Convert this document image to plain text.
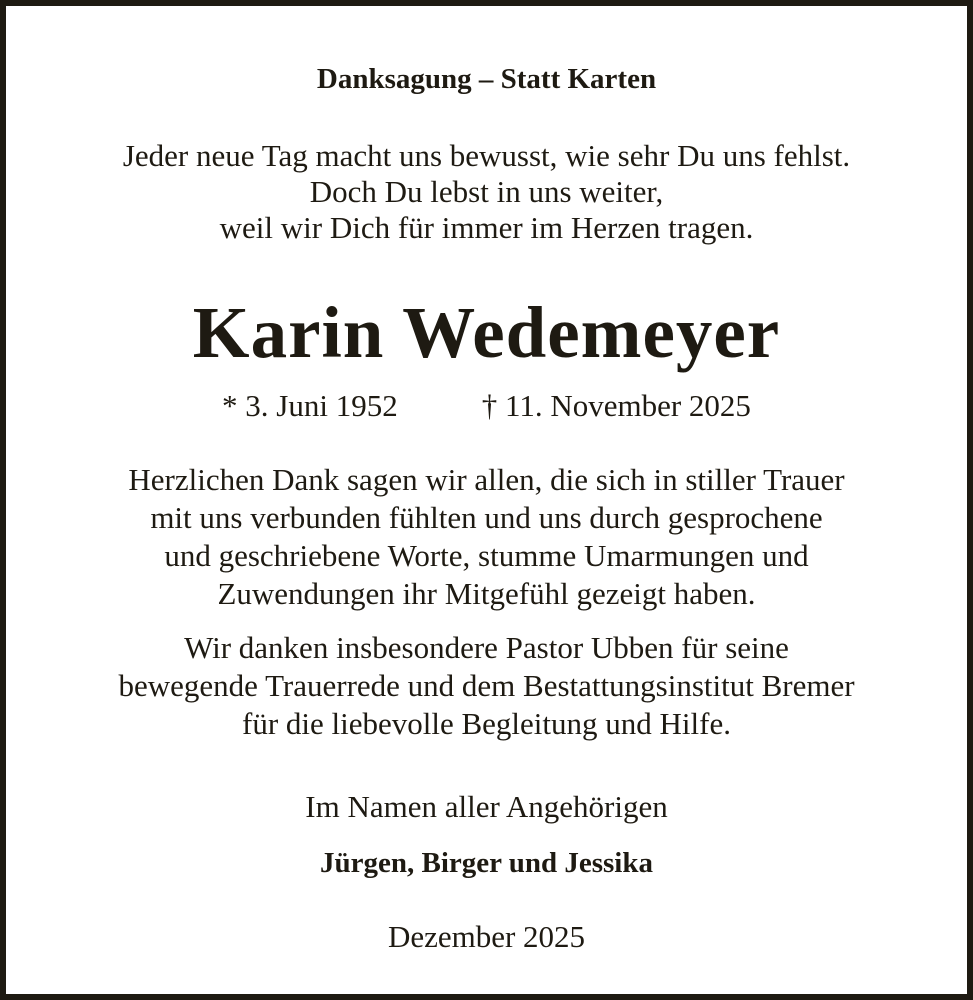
Danksagung – Statt Karten
Jeder neue Tag macht uns bewusst, wie sehr Du uns fehlst.
Doch Du lebst in uns weiter,
weil wir Dich für immer im Herzen tragen.
Karin Wedemeyer
* 3. Juni 1952	† 11. November 2025
Herzlichen Dank sagen wir allen, die sich in stiller Trauer
mit uns verbunden fühlten und uns durch gesprochene
und geschriebene Worte, stumme Umarmungen und
Zuwendungen ihr Mitgefühl gezeigt haben.
Wir danken insbesondere Pastor Ubben für seine
bewegende Trauerrede und dem Bestattungsinstitut Bremer
für die liebevolle Begleitung und Hilfe.
Im Namen aller Angehörigen
Jürgen, Birger und Jessika
Dezember 2025
